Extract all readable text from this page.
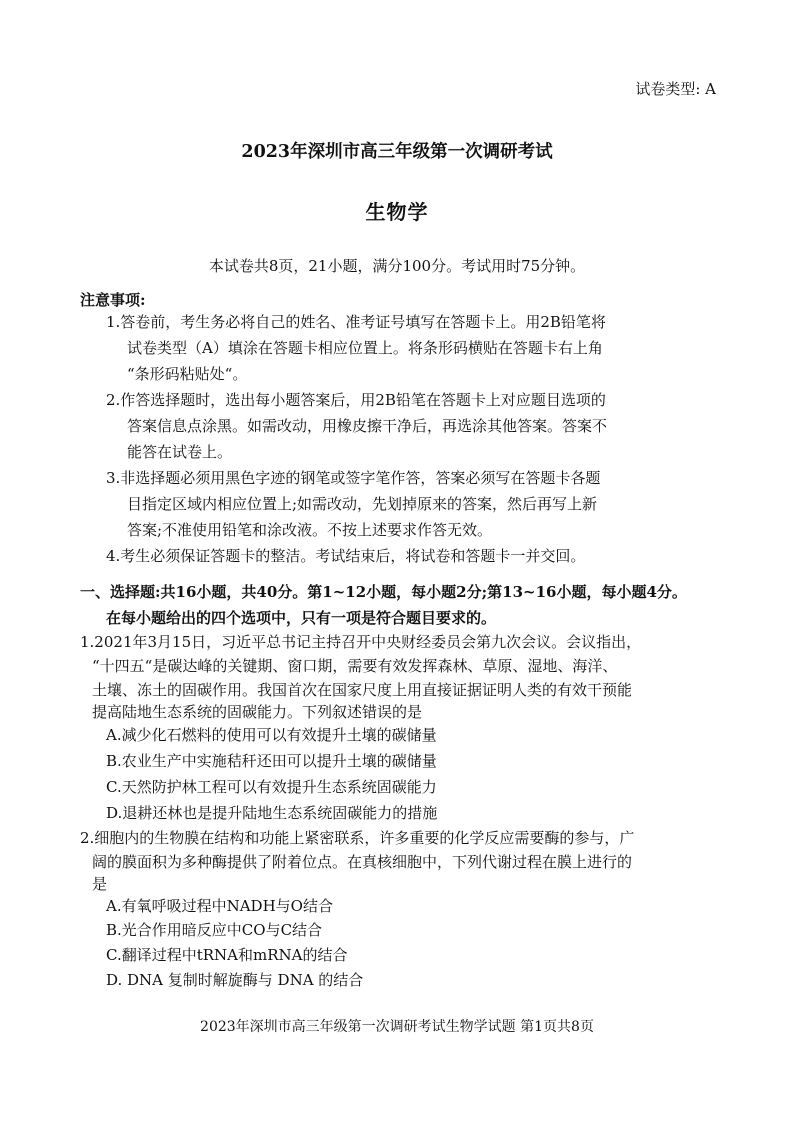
试卷类型: A
2023年深圳市高三年级第一次调研考试
生物学
本试卷共8页，21小题，满分100分。考试用时75分钟。
注意事项:
1.答卷前，考生务必将自己的姓名、准考证号填写在答题卡上。用2B铅笔将
试卷类型（A）填涂在答题卡相应位置上。将条形码横贴在答题卡右上角
“条形码粘贴处“。
2.作答选择题时，选出每小题答案后，用2B铅笔在答题卡上对应题目选项的
答案信息点涂黑。如需改动，用橡皮擦干净后，再选涂其他答案。答案不
能答在试卷上。
3.非选择题必须用黑色字迹的钢笔或签字笔作答，答案必须写在答题卡各题
目指定区域内相应位置上;如需改动，先划掉原来的答案，然后再写上新
答案;不准使用铅笔和涂改液。不按上述要求作答无效。
4.考生必须保证答题卡的整洁。考试结束后，将试卷和答题卡一并交回。
一、选择题:共16小题，共40分。第1~12小题，每小题2分;第13~16小题，每小题4分。
在每小题给出的四个选项中，只有一项是符合题目要求的。
1.2021年3月15日，习近平总书记主持召开中央财经委员会第九次会议。会议指出，
“十四五“是碳达峰的关键期、窗口期，需要有效发挥森林、草原、湿地、海洋、
土壤、冻土的固碳作用。我国首次在国家尺度上用直接证据证明人类的有效干预能
提高陆地生态系统的固碳能力。下列叙述错误的是
A.减少化石燃料的使用可以有效提升土壤的碳储量
B.农业生产中实施秸秆还田可以提升土壤的碳储量
C.天然防护林工程可以有效提升生态系统固碳能力
D.退耕还林也是提升陆地生态系统固碳能力的措施
2.细胞内的生物膜在结构和功能上紧密联系，许多重要的化学反应需要酶的参与，广
阔的膜面积为多种酶提供了附着位点。在真核细胞中，下列代谢过程在膜上进行的
是
A.有氧呼吸过程中NADH与O结合
B.光合作用暗反应中CO与C结合
C.翻译过程中tRNA和mRNA的结合
D. DNA 复制时解旋酶与 DNA 的结合
2023年深圳市高三年级第一次调研考试生物学试题 第1页共8页
